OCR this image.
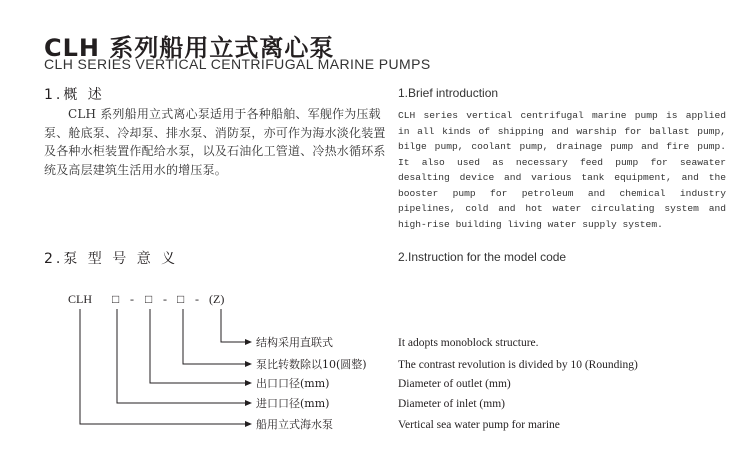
CLH 系列船用立式离心泵
CLH SERIES VERTICAL CENTRIFUGAL MARINE PUMPS
1.概 述	1.Brief introduction
CLH 系列船用立式离心泵适用于各种船舶、军舰作为压载泵、舱底泵、冷却泵、排水泵、消防泵，亦可作为海水淡化装置及各种水柜装置作配给水泵，以及石油化工管道、冷热水循环系统及高层建筑生活用水的增压泵。
CLH series vertical centrifugal marine pump is applied in all kinds of shipping and warship for ballast pump, bilge pump, coolant pump, drainage pump and fire pump. It also used as necessary feed pump for seawater desalting device and various tank equipment, and the booster pump for petroleum and chemical industry pipelines, cold and hot water circulating system and high-rise building living water supply system.
2.泵 型 号 意 义	2.Instruction for the model code
CLH □ - □ - □ - (Z)
结构采用直联式
泵比转数除以10(圆整)
出口口径(mm)
进口口径(mm)
船用立式海水泵
It adopts monoblock structure.
The contrast revolution is divided by 10 (Rounding)
Diameter of outlet (mm)
Diameter of inlet (mm)
Vertical sea water pump for marine
